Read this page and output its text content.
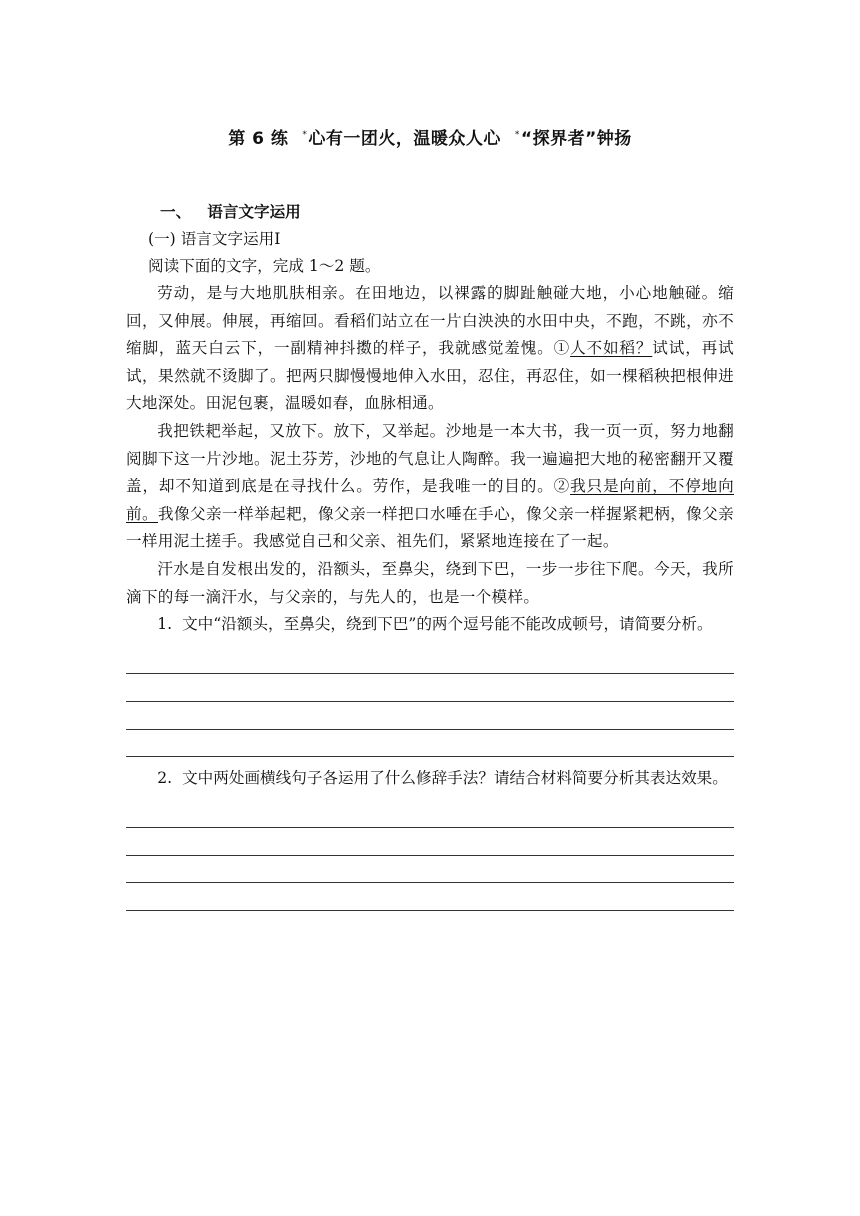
第 6 练 *心有一团火，温暖众人心 *“探界者”钟扬
一、 语言文字运用
(一) 语言文字运用Ⅰ
阅读下面的文字，完成 1～2 题。

劳动，是与大地肌肤相亲。在田地边，以裸露的脚趾触碰大地，小心地触碰。缩回，又伸展。伸展，再缩回。看稻们站立在一片白泱泱的水田中央，不跑，不跳，亦不缩脚，蓝天白云下，一副精神抖擞的样子，我就感觉羞愧。①人不如稻？试试，再试试，果然就不烫脚了。把两只脚慢慢地伸入水田，忍住，再忍住，如一棵稻秧把根伸进大地深处。田泥包裹，温暖如春，血脉相通。

我把铁耙举起，又放下。放下，又举起。沙地是一本大书，我一页一页，努力地翻阅脚下这一片沙地。泥土芬芳，沙地的气息让人陶醉。我一遍遍把大地的秘密翻开又覆盖，却不知道到底是在寻找什么。劳作，是我唯一的目的。②我只是向前，不停地向前。我像父亲一样举起耙，像父亲一样把口水唾在手心，像父亲一样握紧耙柄，像父亲一样用泥土搓手。我感觉自己和父亲、祖先们，紧紧地连接在了一起。

汗水是自发根出发的，沿额头，至鼻尖，绕到下巴，一步一步往下爬。今天，我所滴下的每一滴汗水，与父亲的，与先人的，也是一个模样。

1. 文中“沿额头，至鼻尖，绕到下巴”的两个逗号能不能改成顿号，请简要分析。

2. 文中两处画横线句子各运用了什么修辞手法？请结合材料简要分析其表达效果。
